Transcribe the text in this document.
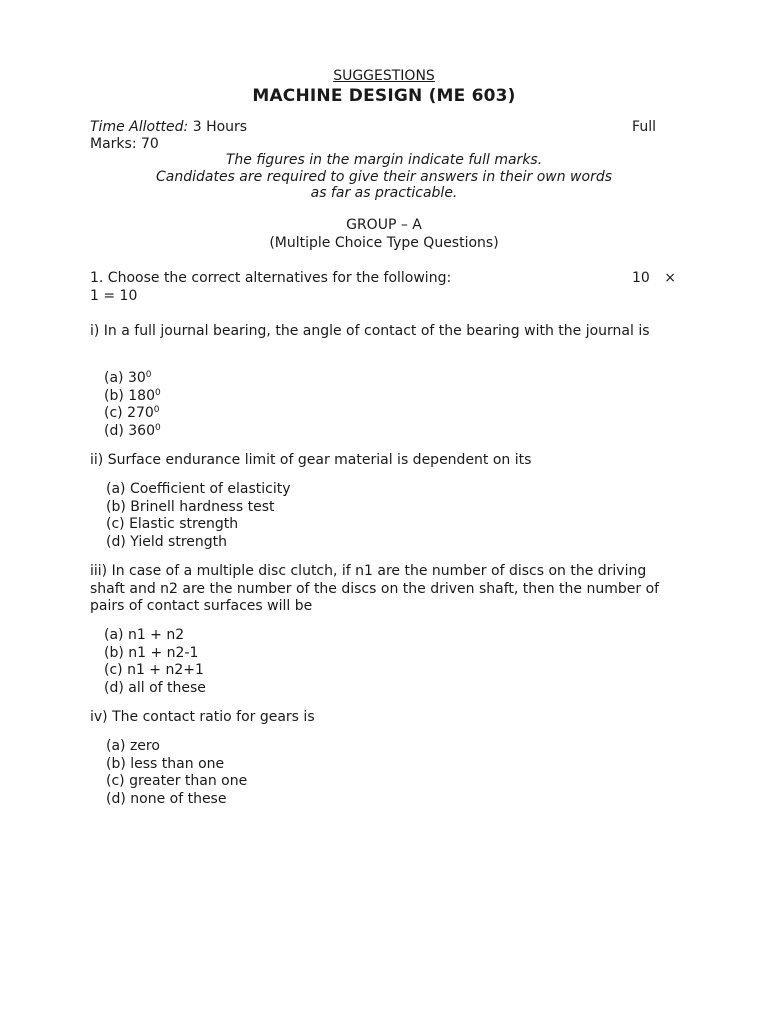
SUGGESTIONS
MACHINE DESIGN (ME 603)
Time Allotted: 3 Hours	Full
Marks: 70
The figures in the margin indicate full marks.
Candidates are required to give their answers in their own words
as far as practicable.
GROUP – A
(Multiple Choice Type Questions)
1. Choose the correct alternatives for the following:	10 ×
1 = 10
i) In a full journal bearing, the angle of contact of the bearing with the journal is
(a) $30^0$
(b) $180^0$
(c) $270^0$
(d) $360^0$
ii) Surface endurance limit of gear material is dependent on its
(a) Coefficient of elasticity
(b) Brinell hardness test
(c) Elastic strength
(d) Yield strength
iii) In case of a multiple disc clutch, if n1 are the number of discs on the driving shaft and n2 are the number of the discs on the driven shaft, then the number of pairs of contact surfaces will be
(a) n1 + n2
(b) n1 + n2-1
(c) n1 + n2+1
(d) all of these
iv) The contact ratio for gears is
(a) zero
(b) less than one
(c) greater than one
(d) none of these
